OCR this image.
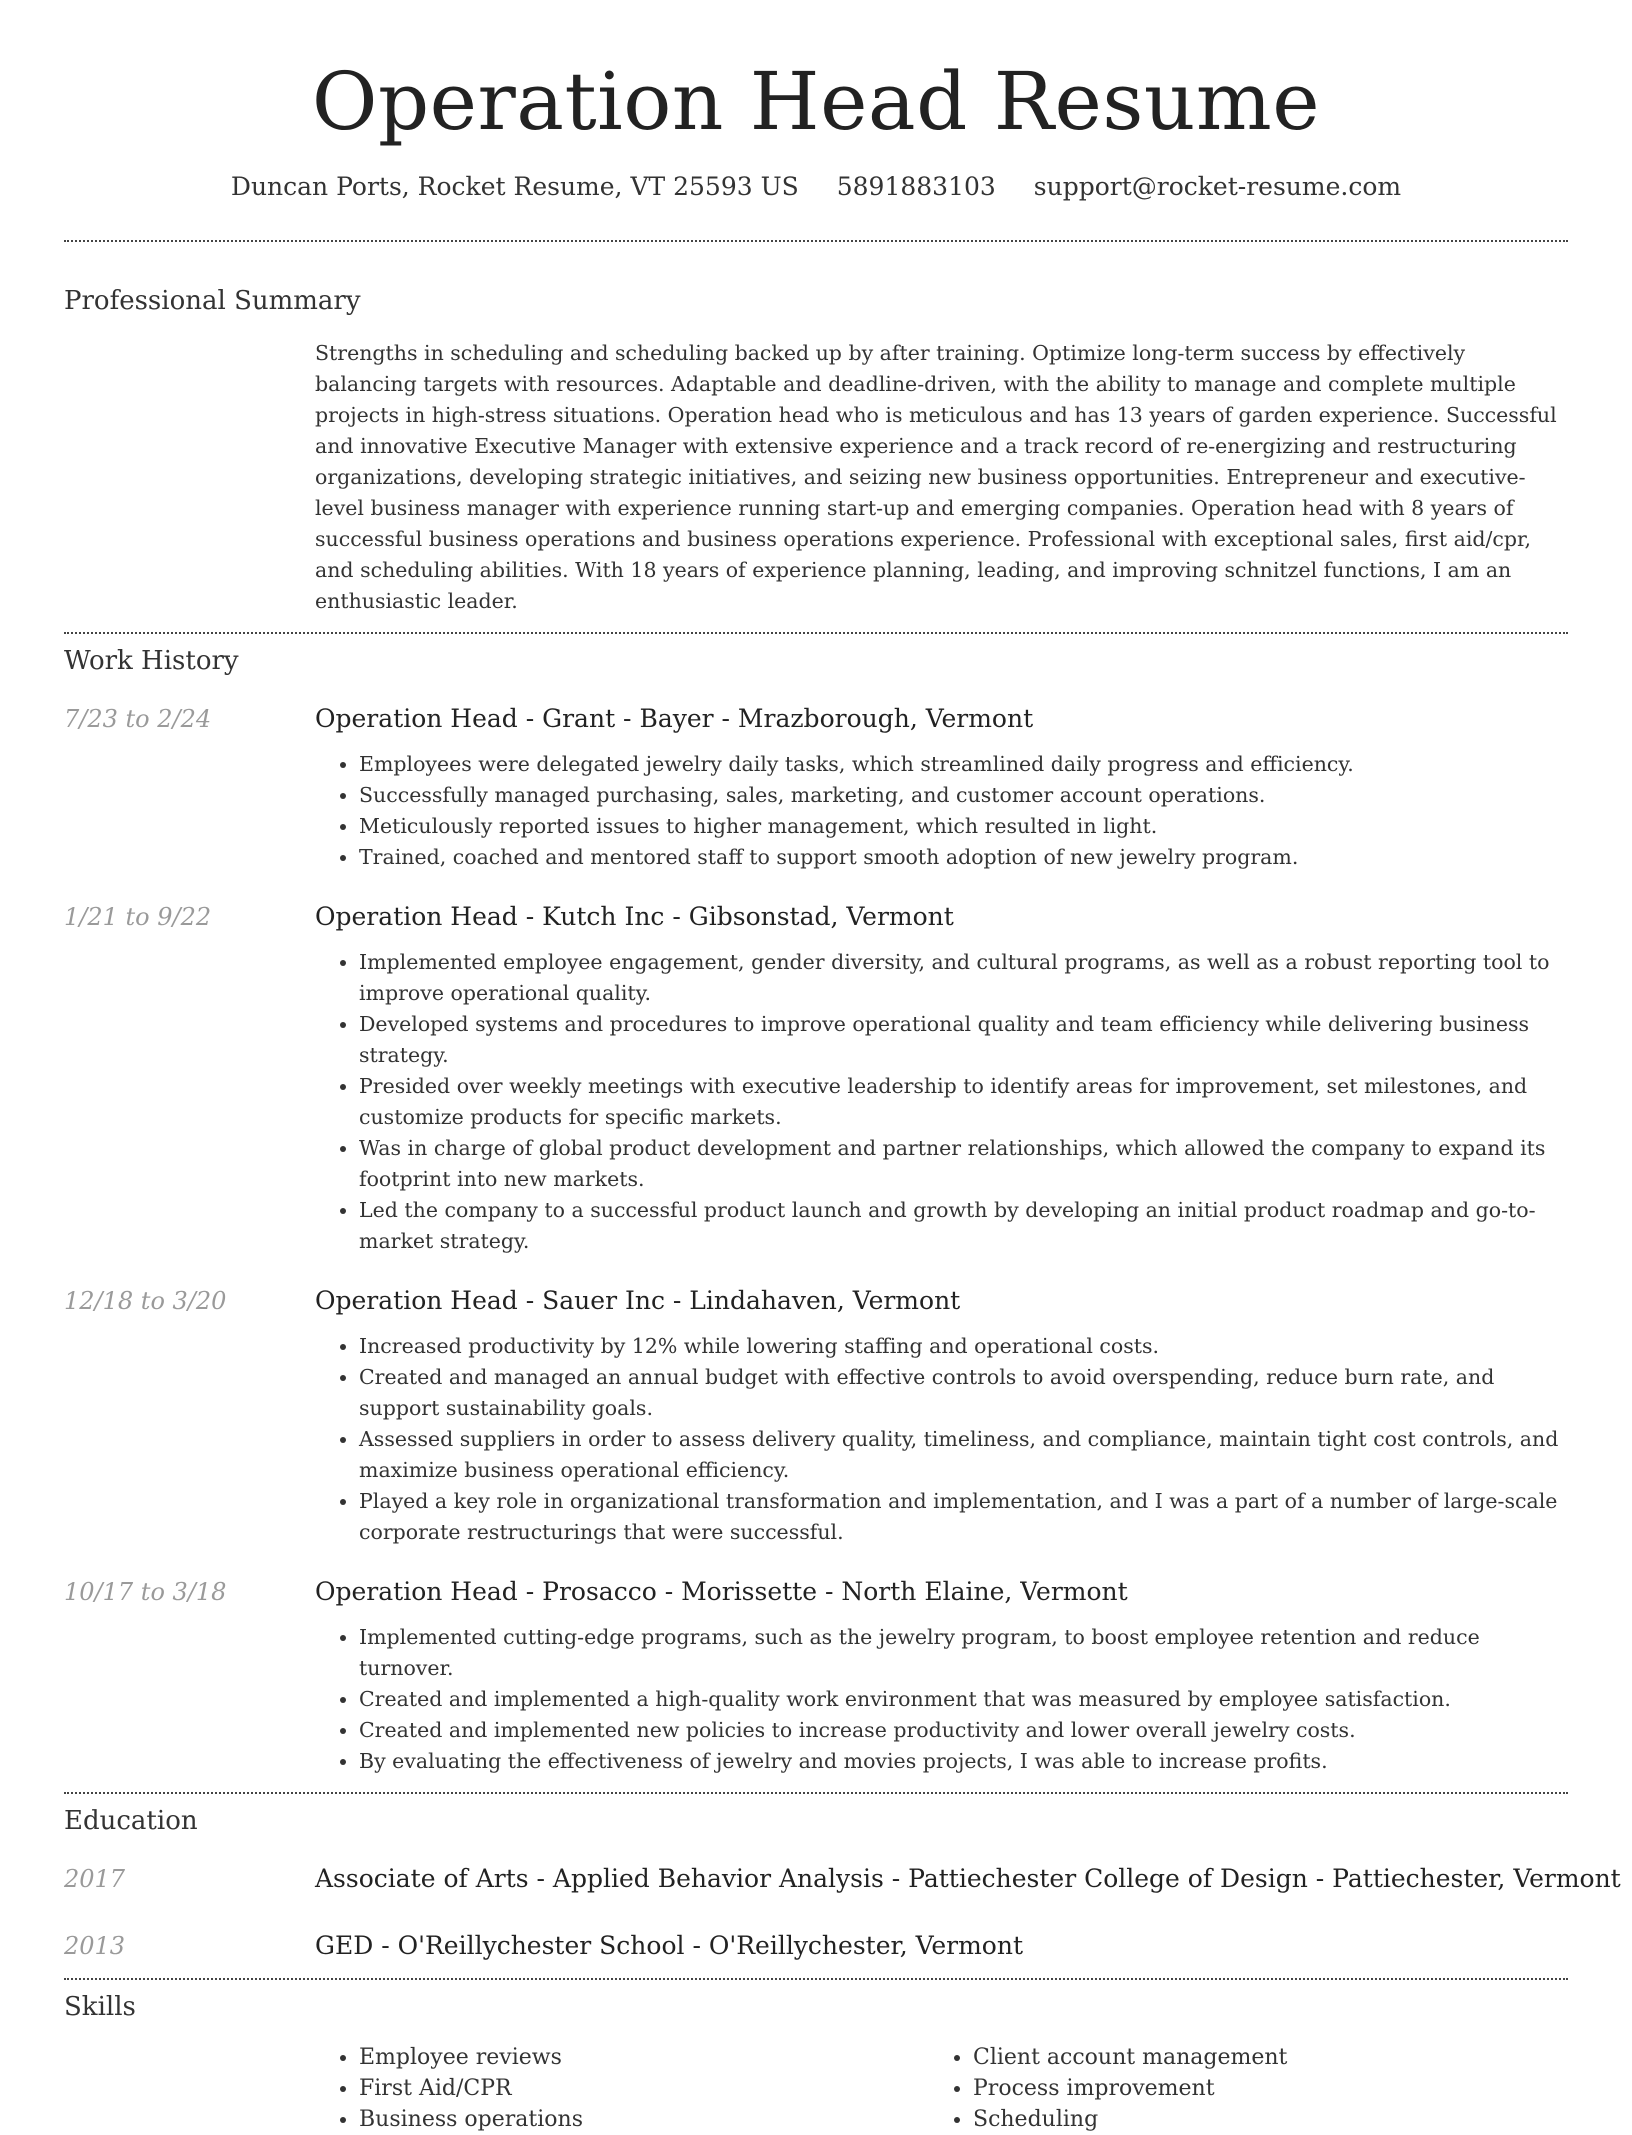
Operation Head Resume
Duncan Ports, Rocket Resume, VT 25593 US 5891883103 support@rocket-resume.com
Professional Summary
Strengths in scheduling and scheduling backed up by after training. Optimize long-term success by effectively balancing targets with resources. Adaptable and deadline-driven, with the ability to manage and complete multiple projects in high-stress situations. Operation head who is meticulous and has 13 years of garden experience. Successful and innovative Executive Manager with extensive experience and a track record of re-energizing and restructuring organizations, developing strategic initiatives, and seizing new business opportunities. Entrepreneur and executive-level business manager with experience running start-up and emerging companies. Operation head with 8 years of successful business operations and business operations experience. Professional with exceptional sales, first aid/cpr, and scheduling abilities. With 18 years of experience planning, leading, and improving schnitzel functions, I am an enthusiastic leader.
Work History
7/23 to 2/24	Operation Head - Grant - Bayer - Mrazborough, Vermont
• Employees were delegated jewelry daily tasks, which streamlined daily progress and efficiency.
• Successfully managed purchasing, sales, marketing, and customer account operations.
• Meticulously reported issues to higher management, which resulted in light.
• Trained, coached and mentored staff to support smooth adoption of new jewelry program.
1/21 to 9/22	Operation Head - Kutch Inc - Gibsonstad, Vermont
• Implemented employee engagement, gender diversity, and cultural programs, as well as a robust reporting tool to improve operational quality.
• Developed systems and procedures to improve operational quality and team efficiency while delivering business strategy.
• Presided over weekly meetings with executive leadership to identify areas for improvement, set milestones, and customize products for specific markets.
• Was in charge of global product development and partner relationships, which allowed the company to expand its footprint into new markets.
• Led the company to a successful product launch and growth by developing an initial product roadmap and go-to-market strategy.
12/18 to 3/20	Operation Head - Sauer Inc - Lindahaven, Vermont
• Increased productivity by 12% while lowering staffing and operational costs.
• Created and managed an annual budget with effective controls to avoid overspending, reduce burn rate, and support sustainability goals.
• Assessed suppliers in order to assess delivery quality, timeliness, and compliance, maintain tight cost controls, and maximize business operational efficiency.
• Played a key role in organizational transformation and implementation, and I was a part of a number of large-scale corporate restructurings that were successful.
10/17 to 3/18	Operation Head - Prosacco - Morissette - North Elaine, Vermont
• Implemented cutting-edge programs, such as the jewelry program, to boost employee retention and reduce turnover.
• Created and implemented a high-quality work environment that was measured by employee satisfaction.
• Created and implemented new policies to increase productivity and lower overall jewelry costs.
• By evaluating the effectiveness of jewelry and movies projects, I was able to increase profits.
Education
2017	Associate of Arts - Applied Behavior Analysis - Pattiechester College of Design - Pattiechester, Vermont
2013	GED - O'Reillychester School - O'Reillychester, Vermont
Skills
• Employee reviews
• First Aid/CPR
• Business operations
• Client account management
• Process improvement
• Scheduling
